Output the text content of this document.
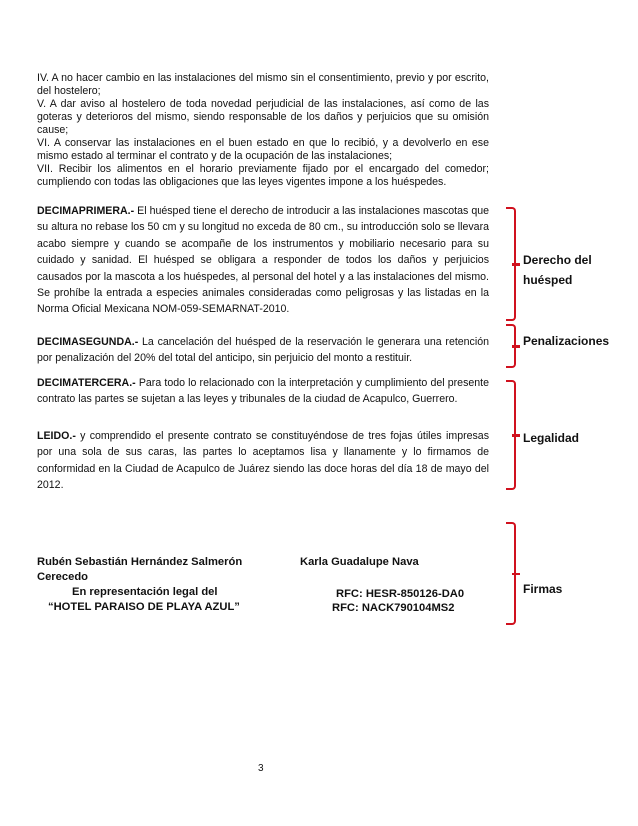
IV. A no hacer cambio en las instalaciones del mismo sin el consentimiento, previo y por escrito, del hostelero;
V. A dar aviso al hostelero de toda novedad perjudicial de las instalaciones, así como de las goteras y deterioros del mismo, siendo responsable de los daños y perjuicios que su omisión cause;
VI. A conservar las instalaciones en el buen estado en que lo recibió, y a devolverlo en ese mismo estado al terminar el contrato y de la ocupación de las instalaciones;
VII. Recibir los alimentos en el horario previamente fijado por el encargado del comedor; cumpliendo con todas las obligaciones que las leyes vigentes impone a los huéspedes.
DECIMAPRIMERA.- El huésped tiene el derecho de introducir a las instalaciones mascotas que su altura no rebase los 50 cm y su longitud no exceda de 80 cm., su introducción solo se llevara acabo siempre y cuando se acompañe de los instrumentos y mobiliario necesario para su cuidado y sanidad. El huésped se obligara a responder de todos los daños y perjuicios causados por la mascota a los huéspedes, al personal del hotel y a las instalaciones del mismo. Se prohíbe la entrada a especies animales consideradas como peligrosas y las listadas en la Norma Oficial Mexicana NOM-059-SEMARNAT-2010.
DECIMASEGUNDA.- La cancelación del huésped de la reservación le generara una retención por penalización del 20% del total del anticipo, sin perjuicio del monto a restituir.
DECIMATERCERA.- Para todo lo relacionado con la interpretación y cumplimiento del presente contrato las partes se sujetan a las leyes y tribunales de la ciudad de Acapulco, Guerrero.
LEIDO.- y comprendido el presente contrato se constituyéndose de tres fojas útiles impresas por una sola de sus caras, las partes lo aceptamos lisa y llanamente y lo firmamos de conformidad en la Ciudad de Acapulco de Juárez siendo las doce horas del día 18 de mayo del 2012.
Rubén Sebastián Hernández Salmerón
Cerecedo
En representación legal del
“HOTEL PARAISO DE PLAYA AZUL”
Karla Guadalupe Nava
RFC: HESR-850126-DA0
RFC: NACK790104MS2
Derecho del
huésped
Penalizaciones
Legalidad
Firmas
3
